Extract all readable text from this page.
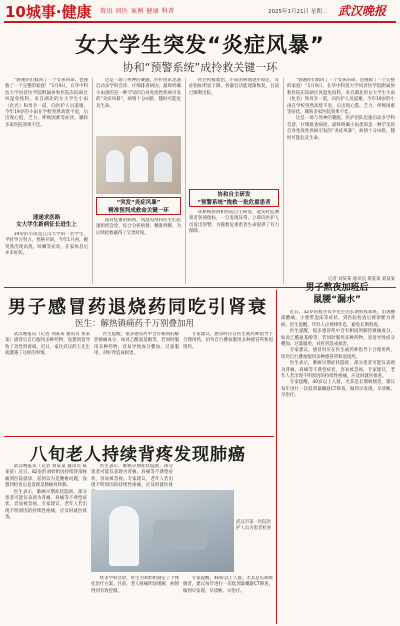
10城事·健康 资讯 问医 案例 健康 科普	2025年1月21日 星期二 武汉晚报
女大学生突发“炎症风暴”
协和“预警系统”成拎救关键一环

“感谢你们救回了一个女孩的命，也挽救了一个完整的家庭！”1月9日，在华中科技大学同济医学院附属协和医院东院病区风湿免疫科，来自湖北的女大学生小雨（化名）和母亲一道，向医护人员道谢。今年19岁的小雨在学校突然高烧不退，后出现心慌、乏力、呼吸困难等症状，辗转多家医院效果不佳。

速递求医路
女大学生新病征长进生上

19岁的小雨是江汉大学的一名学生，平时学习努力，性格开朗。今年1月初，她突然出现高烧、咳嗽等症状，在家休息后并未好转。

这是一场与死神的赛跑。医护团队迅速启动多学科会诊，仔细排查病因，最终明确小雨患的是一种罕见的自身免疫性疾病引发的“炎症风暴”，病情十分凶险，随时可能危及生命。

“突发“炎症风暴”
精准预判成救命关键一环

面对危重的病情，风湿免疫科医生们迅速组织会诊，综合分析病情，精准判断，为后续抢救赢得了宝贵时间。

经过积极救治，小雨的病情逐步稳定，炎症指标明显下降，各器官功能逐渐恢复，目前已顺利出院。

协和自主研发
“预警系统”挽救一批危重患者

该系统由协和医院自主研发，能实时监测患者各项指标，一旦发现异常，立即向医护人员发出预警，为挽救危重患者生命提供了有力保障。

“感谢你们救回了一个女孩的命，也挽救了一个完整的家庭！”1月9日，在华中科技大学同济医学院附属协和医院东院病区风湿免疫科，来自湖北的女大学生小雨（化名）和母亲一道，向医护人员道谢。今年19岁的小雨在学校突然高烧不退，后出现心慌、乏力、呼吸困难等症状，辗转多家医院效果不佳。

这是一场与死神的赛跑。医护团队迅速启动多学科会诊，仔细排查病因，最终明确小雨患的是一种罕见的自身免疫性疾病引发的“炎症风暴”，病情十分凶险，随时可能危及生命。

记者 刘某某 通讯员 黄某某 刘某某
男子感冒药退烧药同吃引肾衰
医生：解热镇痛药千万别叠加用

武汉晚报讯（记者 刘某某 通讯员 黄某某）感冒后自行服用多种药物，没想到竟导致了急性肾衰竭。近日，家住武汉的王先生就遭遇了这样的事情。

医生提醒，很多感冒药中含有相同的解热镇痛成分，如对乙酰氨基酚等，若同时服用多种药物，容易导致成分叠加、过量服用，对肝肾造成损害。

专家建议，感冒时应在医生或药师指导下合理用药，切勿自行叠加服用多种感冒药和退烧药。

男子熬夜加班后
鼠腰“漏水”

近日，32岁的程序员李先生因长期熬夜加班，出现腰部酸痛、小便带泡沫等症状，到医院检查后被诊断为肾病。医生提醒，年轻人应规律作息，避免长期熬夜。

医生提醒，很多感冒药中含有相同的解热镇痛成分，如对乙酰氨基酚等，若同时服用多种药物，容易导致成分叠加、过量服用，对肝肾造成损害。

专家建议，感冒时应在医生或药师指导下合理用药，切勿自行叠加服用多种感冒药和退烧药。

医生表示，肺癌早期症状隐匿，部分患者可能仅表现为背痛、肩痛等不典型症状，容易被忽视。专家建议，老年人若出现不明原因的持续性疼痛，应及时就医排查。

专家提醒，40岁以上人群，尤其是长期吸烟者，建议每年进行一次低剂量螺旋CT筛查，做到早发现、早诊断、早治疗。

八旬老人持续背疼发现肺癌

武汉晚报讯（记者 刘某某 通讯员 陈某某）近日，82岁的刘奶奶因持续背部疼痛到医院就诊，起初以为是腰椎问题，没想到检查后竟发现是肺癌骨转移。

医生表示，肺癌早期症状隐匿，部分患者可能仅表现为背痛、肩痛等不典型症状，容易被忽视。专家建议，老年人若出现不明原因的持续性疼痛，应及时就医排查。

医生表示，肺癌早期症状隐匿，部分患者可能仅表现为背痛、肩痛等不典型症状，容易被忽视。专家建议，老年人若出现不明原因的持续性疼痛，应及时就医排

武汉市第一医院医护人员为患者检查

经多学科会诊，医生为刘奶奶制定了个体化治疗方案。目前，老人疼痛明显缓解，病情得到有效控制。

专家提醒，40岁以上人群，尤其是长期吸烟者，建议每年进行一次低剂量螺旋CT筛查，做到早发现、早诊断、早治疗。
